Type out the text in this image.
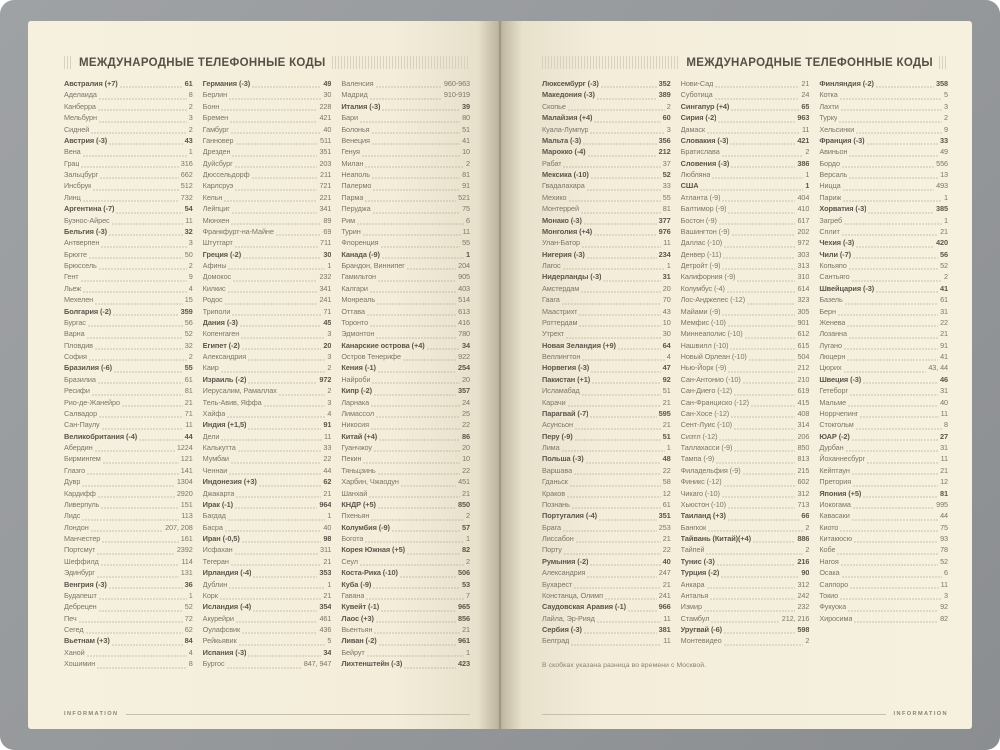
МЕЖДУНАРОДНЫЕ ТЕЛЕФОННЫЕ КОДЫ
Австралия (+7)	61
Аделаида	8
Канберра	2
Мельбурн	3
Сидней	2
Австрия (-3)	43
Вена	1
Грац	316
Зальцбург	662
Инсбрук	512
Линц	732
Аргентина (-7)	54
Буэнос-Айрес	11
Бельгия (-3)	32
Антверпен	3
Брюгге	50
Брюссель	2
Гент	9
Льеж	4
Мехелен	15
Болгария (-2)	359
Бургас	56
Варна	52
Пловдив	32
София	2
Бразилия (-6)	55
Бразилиа	61
Ресифи	81
Рио-де-Жанейро	21
Салвадор	71
Сан-Паулу	11
Великобритания (-4)	44
Абердин	1224
Бирмингем	121
Глазго	141
Дувр	1304
Кардифф	2920
Ливерпуль	151
Лидс	113
Лондон	207, 208
Манчестер	161
Портсмут	2392
Шеффилд	114
Эдинбург	131
Венгрия (-3)	36
Будапешт	1
Дебрецен	52
Печ	72
Сегед	62
Вьетнам (+3)	84
Ханой	4
Хошимин	8
Германия (-3)	49
Берлин	30
Бонн	228
Бремен	421
Гамбург	40
Ганновер	511
Дрезден	351
Дуйсбург	203
Дюссельдорф	211
Карлсруэ	721
Кельн	221
Лейпциг	341
Мюнхен	89
Франкфурт-на-Майне	69
Штутгарт	711
Греция (-2)	30
Афины	1
Домокос	232
Килкис	341
Родос	241
Триполи	71
Дания (-3)	45
Копенгаген	3
Египет (-2)	20
Александрия	3
Каир	2
Израиль (-2)	972
Иерусалим, Рамаллах	2
Тель-Авив, Яффа	3
Хайфа	4
Индия (+1,5)	91
Дели	11
Калькутта	33
Мумбаи	22
Ченнаи	44
Индонезия (+3)	62
Джакарта	21
Ирак (-1)	964
Багдад	1
Басра	40
Иран (-0,5)	98
Исфахан	311
Тегеран	21
Ирландия (-4)	353
Дублин	1
Корк	21
Исландия (-4)	354
Акурейри	461
Оулафсвик	436
Рейкьявик	5
Испания (-3)	34
Бургос	847, 947
Валенсия	960-963
Мадрид	910-919
Италия (-3)	39
Бари	80
Болонья	51
Венеция	41
Генуя	10
Милан	2
Неаполь	81
Палермо	91
Парма	521
Перуджа	75
Рим	6
Турин	11
Флоренция	55
Канада (-9)	1
Брандон, Виннипег	204
Гамильтон	905
Калгари	403
Монреаль	514
Оттава	613
Торонто	416
Эдмонтон	780
Канарские острова (+4)	34
Остров Тенерифе	922
Кения (-1)	254
Найроби	20
Кипр (-2)	357
Ларнака	24
Лимассол	25
Никосия	22
Китай (+4)	86
Гуанчжоу	20
Пекин	10
Тяньцзинь	22
Харбин, Чжаодун	451
Шанхай	21
КНДР (+5)	850
Пхеньян	2
Колумбия (-9)	57
Богота	1
Корея Южная (+5)	82
Сеул	2
Коста-Рика (-10)	506
Куба (-9)	53
Гавана	7
Кувейт (-1)	965
Лаос (+3)	856
Вьентьян	21
Ливан (-2)	961
Бейрут	1
Лихтенштейн (-3)	423
INFORMATION
МЕЖДУНАРОДНЫЕ ТЕЛЕФОННЫЕ КОДЫ
Люксембург (-3)	352
Македония (-3)	389
Скопье	2
Малайзия (+4)	60
Куала-Лумпур	3
Мальта (-3)	356
Марокко (-4)	212
Рабат	37
Мексика (-10)	52
Гвадалахара	33
Мехико	55
Монтеррей	81
Монако (-3)	377
Монголия (+4)	976
Улан-Батор	11
Нигерия (-3)	234
Лагос	1
Нидерланды (-3)	31
Амстердам	20
Гаага	70
Маастрихт	43
Роттердам	10
Утрехт	30
Новая Зеландия (+9)	64
Веллингтон	4
Норвегия (-3)	47
Пакистан (+1)	92
Исламабад	51
Карачи	21
Парагвай (-7)	595
Асунсьон	21
Перу (-9)	51
Лима	1
Польша (-3)	48
Варшава	22
Гданьск	58
Краков	12
Познань	61
Португалия (-4)	351
Брага	253
Лиссабон	21
Порту	22
Румыния (-2)	40
Александрия	247
Бухарест	21
Констанца, Олимп	241
Саудовская Аравия (-1)	966
Лайла, Эр-Рияд	11
Сербия (-3)	381
Белград	11
Нови-Сад	21
Суботица	24
Сингапур (+4)	65
Сирия (-2)	963
Дамаск	11
Словакия (-3)	421
Братислава	2
Словения (-3)	386
Любляна	1
США	1
Атланта (-9)	404
Балтимор (-9)	410
Бостон (-9)	617
Вашингтон (-9)	202
Даллас (-10)	972
Денвер (-11)	303
Детройт (-9)	313
Калифорния (-9)	310
Колумбус (-4)	614
Лос-Анджелес (-12)	323
Майами (-9)	305
Мемфис (-10)	901
Миннеаполис (-10)	612
Нашвилл (-10)	615
Новый Орлеан (-10)	504
Нью-Йорк (-9)	212
Сан-Антонио (-10)	210
Сан-Диего (-12)	619
Сан-Франциско (-12)	415
Сан-Хосе (-12)	408
Сент-Луис (-10)	314
Сиэтл (-12)	206
Таллахасси (-9)	850
Тампа (-9)	813
Филадельфия (-9)	215
Финикс (-12)	602
Чикаго (-10)	312
Хьюстон (-10)	713
Таиланд (+3)	66
Бангкок	2
Тайвань (Китай)(+4)	886
Тайпей	2
Тунис (-3)	216
Турция (-2)	90
Анкара	312
Анталья	242
Измир	232
Стамбул	212, 216
Уругвай (-6)	598
Монтевидео	2
Финляндия (-2)	358
Котка	5
Лахти	3
Турку	2
Хельсинки	9
Франция (-3)	33
Авиньон	49
Бордо	556
Версаль	13
Ницца	493
Париж	1
Хорватия (-3)	385
Загреб	1
Сплит	21
Чехия (-3)	420
Чили (-7)	56
Копьяпо	52
Сантьяго	2
Швейцария (-3)	41
Базель	61
Берн	31
Женева	22
Лозанна	21
Лугано	91
Люцерн	41
Цюрих	43, 44
Швеция (-3)	46
Гетеборг	31
Мальме	40
Норрчепинг	11
Стокгольм	8
ЮАР (-2)	27
Дурбан	31
Йоханнесбург	11
Кейптаун	21
Претория	12
Япония (+5)	81
Иокогама	995
Кавасаки	44
Киото	75
Китакюсю	93
Кобе	78
Нагоя	52
Осака	6
Саппоро	11
Токио	3
Фукуока	92
Хиросима	82
В скобках указана разница во времени с Москвой.
INFORMATION
